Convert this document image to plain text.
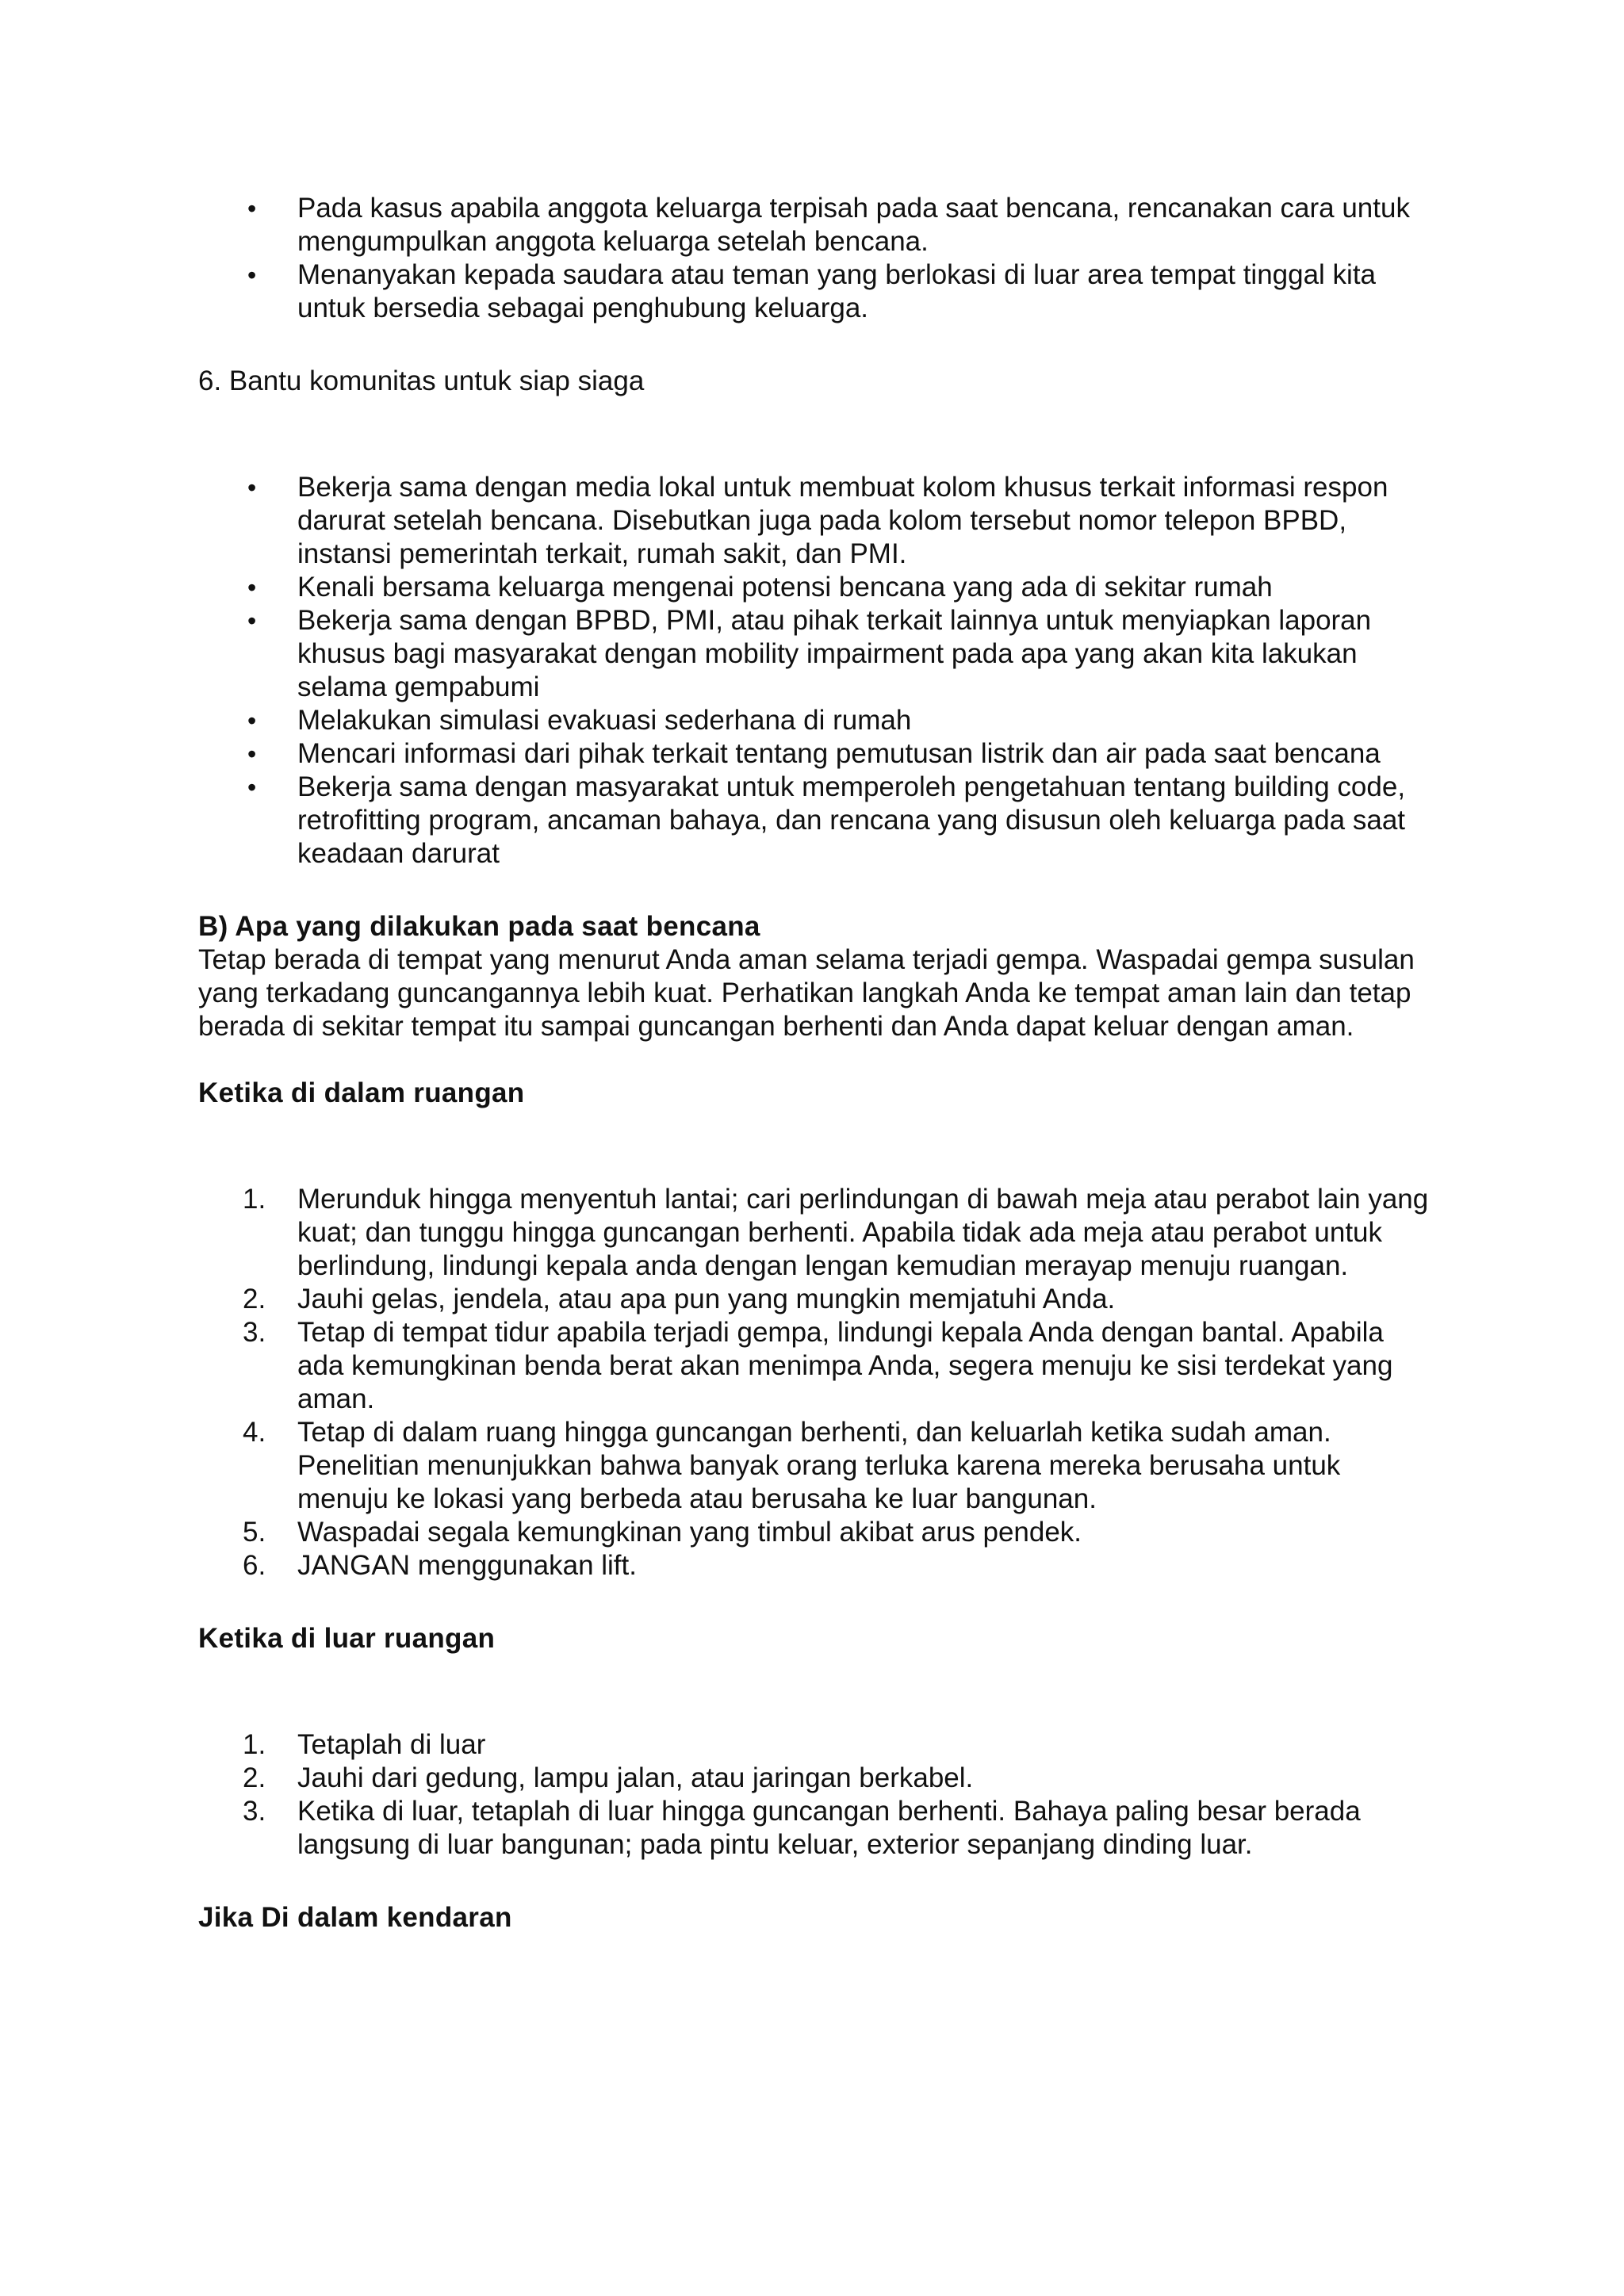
• Pada kasus apabila anggota keluarga terpisah pada saat bencana, rencanakan cara untuk mengumpulkan anggota keluarga setelah bencana.
• Menanyakan kepada saudara atau teman yang berlokasi di luar area tempat tinggal kita untuk bersedia sebagai penghubung keluarga.

6. Bantu komunitas untuk siap siaga

• Bekerja sama dengan media lokal untuk membuat kolom khusus terkait informasi respon darurat setelah bencana. Disebutkan juga pada kolom tersebut nomor telepon BPBD, instansi pemerintah terkait, rumah sakit, dan PMI.
• Kenali bersama keluarga mengenai potensi bencana yang ada di sekitar rumah
• Bekerja sama dengan BPBD, PMI, atau pihak terkait lainnya untuk menyiapkan laporan khusus bagi masyarakat dengan mobility impairment pada apa yang akan kita lakukan selama gempabumi
• Melakukan simulasi evakuasi sederhana di rumah
• Mencari informasi dari pihak terkait tentang pemutusan listrik dan air pada saat bencana
• Bekerja sama dengan masyarakat untuk memperoleh pengetahuan tentang building code, retrofitting program, ancaman bahaya, dan rencana yang disusun oleh keluarga pada saat keadaan darurat

B) Apa yang dilakukan pada saat bencana

Tetap berada di tempat yang menurut Anda aman selama terjadi gempa. Waspadai gempa susulan yang terkadang guncangannya lebih kuat. Perhatikan langkah Anda ke tempat aman lain dan tetap berada di sekitar tempat itu sampai guncangan berhenti dan Anda dapat keluar dengan aman.

Ketika di dalam ruangan

1. Merunduk hingga menyentuh lantai; cari perlindungan di bawah meja atau perabot lain yang kuat; dan tunggu hingga guncangan berhenti. Apabila tidak ada meja atau perabot untuk berlindung, lindungi kepala anda dengan lengan kemudian merayap menuju ruangan.
2. Jauhi gelas, jendela, atau apa pun yang mungkin memjatuhi Anda.
3. Tetap di tempat tidur apabila terjadi gempa, lindungi kepala Anda dengan bantal. Apabila ada kemungkinan benda berat akan menimpa Anda, segera menuju ke sisi terdekat yang aman.
4. Tetap di dalam ruang hingga guncangan berhenti, dan keluarlah ketika sudah aman. Penelitian menunjukkan bahwa banyak orang terluka karena mereka berusaha untuk menuju ke lokasi yang berbeda atau berusaha ke luar bangunan.
5. Waspadai segala kemungkinan yang timbul akibat arus pendek.
6. JANGAN menggunakan lift.

Ketika di luar ruangan

1. Tetaplah di luar
2. Jauhi dari gedung, lampu jalan, atau jaringan berkabel.
3. Ketika di luar, tetaplah di luar hingga guncangan berhenti. Bahaya paling besar berada langsung di luar bangunan; pada pintu keluar, exterior sepanjang dinding luar.

Jika Di dalam kendaran
